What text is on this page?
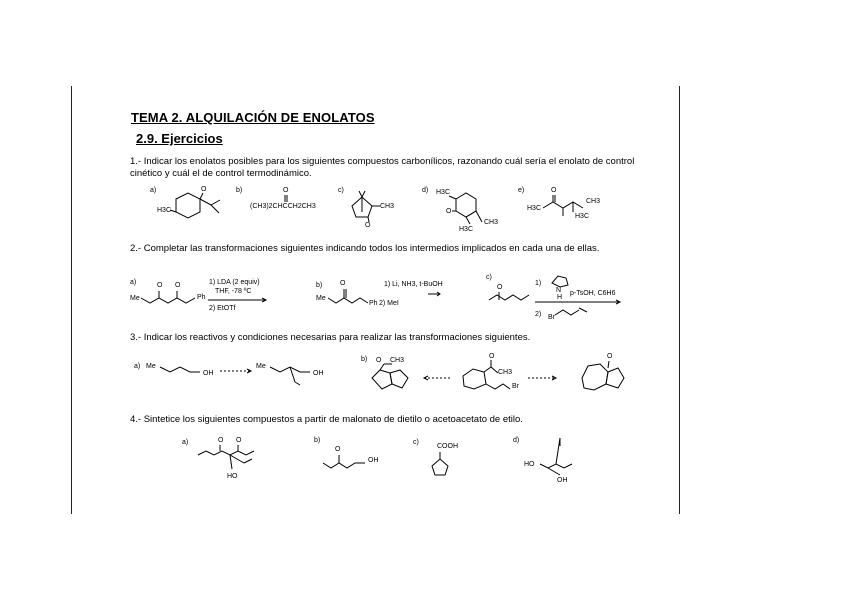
TEMA 2. ALQUILACIÓN DE ENOLATOS
2.9. Ejercicios
1.- Indicar los enolatos posibles para los siguientes compuestos carbonílicos, razonando cuál sería el enolato de control cinético y cuál el de control termodinámico.
a)	O
H3C
b)	O
(CH3)2CHCCH2CH3
c)
O
CH3
d) H3C
O
H3C
CH3
e)	O
H3C
CH3
H3C
2.- Completar las transformaciones siguientes indicando todos los intermedios implicados en cada una de ellas.
a)
Me
O O
Ph
1) LDA (2 equiv)
THF, -78 ºC
2) EtOTf
b)
Me
O
Ph
1) Li, NH3, t-BuOH
2) MeI
c)
O
1)
N
H
p-TsOH, C6H6
2) Br
3.- Indicar los reactivos y condiciones necesarias para realizar las transformaciones siguientes.
a) Me
OH
Me
OH
b) O CH3
O
CH3
Br
O
4.- Sintetice los siguientes compuestos a partir de malonato de dietilo o acetoacetato de etilo.
a)	O O
HO
b)
O
OH
c)
COOH
d)
HO
OH
